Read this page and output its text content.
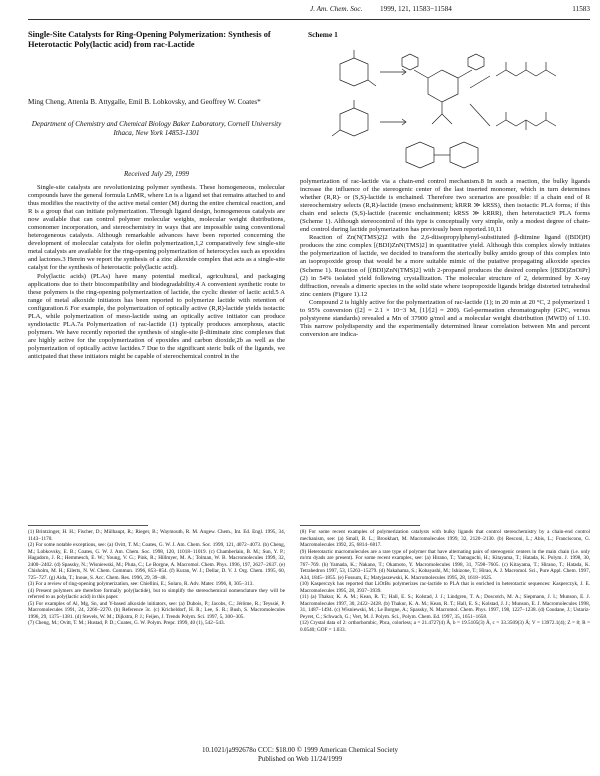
J. Am. Chem. Soc. 1999, 121, 11583−11584	11583
Single-Site Catalysts for Ring-Opening Polymerization: Synthesis of Heterotactic Poly(lactic acid) from rac-Lactide
Ming Cheng, Attenla B. Attygalle, Emil B. Lobkovsky, and Geoffrey W. Coates*
Department of Chemistry and Chemical Biology Baker Laboratory, Cornell University Ithaca, New York 14853-1301
Received July 29, 1999

Single-site catalysts are revolutionizing polymer synthesis. These homogeneous, molecular compounds have the general formula LnMR, where Ln is a ligand set that remains attached to and thus modifies the reactivity of the active metal center (M) during the entire chemical reaction, and R is a group that can initiate polymerization. Through ligand design, homogeneous catalysts are now available that can control polymer molecular weights, molecular weight distributions, comonomer incorporation, and stereochemistry in ways that are impossible using conventional heterogeneous catalysts. Although remarkable advances have been reported concerning the development of molecular catalysts for olefin polymerization,1,2 comparatively few single-site metal catalysts are available for the ring-opening polymerization of heterocycles such as epoxides and lactones.3 Herein we report the synthesis of a zinc alkoxide complex that acts as a single-site catalyst for the synthesis of heterotactic poly(lactic acid).

Poly(lactic acids) (PLAs) have many potential medical, agricultural, and packaging applications due to their biocompatibility and biodegradability.4 A convenient synthetic route to these polymers is the ring-opening polymerization of lactide, the cyclic diester of lactic acid.5 A range of metal alkoxide initiators has been reported to polymerize lactide with retention of configuration.6 For example, the polymerization of optically active (R,R)-lactide yields isotactic PLA, while polymerization of meso-lactide using an optically active initiator can produce syndiotactic PLA.7a Polymerization of rac-lactide (1) typically produces amorphous, atactic polymers. We have recently reported the synthesis of single-site β-diiminate zinc complexes that are highly active for the copolymerization of epoxides and carbon dioxide,2b as well as the polymerization of optically active lactides.7 Due to the significant steric bulk of the ligands, we anticipated that these initiators might be capable of stereochemical control in the

Scheme 1

polymerization of rac-lactide via a chain-end control mechanism.8 In such a reaction, the bulky ligands increase the influence of the stereogenic center of the last inserted monomer, which in turn determines whether (R,R)- or (S,S)-lactide is enchained. Therefore two scenarios are possible: if a chain end of R stereochemistry selects (R,R)-lactide (meso enchainment; kRRR ≫ kRSS), then isotactic PLA forms; if this chain end selects (S,S)-lactide (racemic enchainment; kRSS ≫ kRRR), then heterotactic9 PLA forms (Scheme 1). Although stereocontrol of this type is conceptually very simple, only a modest degree of chain-end control during lactide polymerization has previously been reported.10,11

Reaction of Zn(N(TMS)2)2 with the 2,6-diisopropylphenyl-substituted β-diimine ligand ((BDI)H) produces the zinc complex [(BDI)ZnN(TMS)2] in quantitative yield. Although this complex slowly initiates the polymerization of lactide, we decided to transform the sterically bulky amido group of this complex into an isopropoxide group that would be a more suitable mimic of the putative propagating alkoxide species (Scheme 1). Reaction of [(BDI)ZnN(TMS)2] with 2-propanol produces the desired complex [(BDI)ZnOiPr] (2) in 54% isolated yield following crystallization. The molecular structure of 2, determined by X-ray diffraction, reveals a dimeric species in the solid state where isopropoxide ligands bridge distorted tetrahedral zinc centers (Figure 1).12

Compound 2 is highly active for the polymerization of rac-lactide (1); in 20 min at 20 °C, 2 polymerized 1 to 95% conversion ([2] = 2.1 × 10−3 M, [1]/[2] = 200). Gel-permeation chromatography (GPC, versus polystyrene standards) revealed a Mn of 37900 g/mol and a molecular weight distribution (MWD) of 1.10. This narrow polydispersity and the experimentally determined linear correlation between Mn and percent conversion are indica-

(1) Brintzinger, H. H.; Fischer, D.; Mülhaupt, R.; Rieger, B.; Waymouth, R. M. Angew. Chem., Int. Ed. Engl. 1995, 34, 1143−1170.

(2) For some notable exceptions, see: (a) Ovitt, T. M.; Coates, G. W. J. Am. Chem. Soc. 1999, 121, 4072−4073. (b) Cheng, M.; Lobkovsky, E. B.; Coates, G. W. J. Am. Chem. Soc. 1998, 120, 11018−11019. (c) Chamberlain, B. M.; Sun, Y. P.; Hagadorn, J. R.; Hemmesch, E. W.; Young, V. G.; Pink, R.; Hillmyer, M. A.; Tolman, W. B. Macromolecules 1999, 32, 2400−2402. (d) Spassky, N.; Wisniewski, M.; Pluta, C.; Le Borgne, A. Macromol. Chem. Phys. 1996, 197, 2627−2637. (e) Chisholm, M. H.; Eilerts, N. W. Chem. Commun. 1996, 853−854. (f) Kuran, W. J.; Dellar, D. V. J. Org. Chem. 1995, 60, 725−727. (g) Aida, T.; Inoue, S. Acc. Chem. Res. 1996, 29, 39−48.

(3) For a review of ring-opening polymerization, see: Chiellini, E.; Solaro, R. Adv. Mater. 1996, 8, 305−313.

(4) Present polymers are therefore formally poly(lactide), but to simplify the stereochemical nomenclature they will be referred to as poly(lactic acid) in this paper.

(5) For examples of Al, Mg, Sn, and Y-based alkoxide initiators, see: (a) Dubois, P.; Jacobs, C.; Jérôme, R.; Teyssié, P. Macromolecules 1991, 24, 2266−2270. (b) Reference 3c. (c) Kricheldorf, H. R.; Lee, S. R.; Bush, S. Macromolecules 1996, 29, 1375−1381. (d) Stevels, W. M.; Dijkstra, P. J.; Feijen, J. Trends Polym. Sci. 1997, 5, 300−305.

(7) Cheng, M.; Ovitt, T. M.; Hustad, P. D.; Coates, G. W. Polym. Prepr. 1999, 40 (1), 542−543.

(8) For some recent examples of polymerization catalysts with bulky ligands that control stereochemistry by a chain-end control mechanism, see: (a) Small, B. L.; Brookhart, M. Macromolecules 1999, 32, 2120−2130. (b) Resconi, L.; Abis, L.; Franciscono, G. Macromolecules 1992, 25, 6814−6817.

(9) Heterotactic macromolecules are a rare type of polymer that have alternating pairs of stereogenic centers in the main chain (i.e. only m/rm dyads are present). For some recent examples, see: (a) Hirano, T.; Yamaguchi, H.; Kitayama, T.; Hatada, K. Polym. J. 1998, 30, 767−769. (b) Yamada, K.; Nakano, T.; Okamoto, Y. Macromolecules 1998, 31, 7598−7605. (c) Kitayama, T.; Hirano, T.; Hatada, K. Tetrahedron 1997, 53, 15263−15279. (d) Nakahama, S.; Kobayashi, M.; Ishizone, T.; Hirao, A. J. Macromol. Sci., Pure Appl. Chem. 1997, A34, 1845−1855. (e) Fossum, E.; Matyjaszewski, K. Macromolecules 1995, 28, 1618−1625.

(10) Kasperczyk has reported that LiOtBu polymerizes rac-lactide to PLA that is enriched in heterotactic sequences: Kasperczyk, J. E. Macromolecules 1995, 28, 3937−3939.

(11) (a) Thakur, K. A. M.; Kean, R. T.; Hall, E. S.; Kolstad, J. J.; Lindgren, T. A.; Doscotch, M. A.; Siepmann, J. I.; Munson, E. J. Macromolecules 1997, 30, 2422−2428. (b) Thakur, K. A. M.; Kean, R. T.; Hall, E. S.; Kolstad, J. J.; Munson, E. J. Macromolecules 1998, 31, 1487−1494. (c) Wisniewski, M.; Le Borgne, A.; Spassky, N. Macromol. Chem. Phys. 1997, 198, 1227−1238. (d) Coudane, J.; Ustariz-Peyret, C.; Schwach, G.; Vert, M. J. Polym. Sci., Polym. Chem. Ed. 1997, 35, 1651−1658.

(12) Crystal data of 2: orthorhombic, Pbca, colorless; a = 21.4727(4) Å, b = 19.5105(3) Å, c = 33.3509(3) Å; V = 13972.1(4); Z = 8; R = 0.0540; GOF = 1.033.

10.1021/ja992678o CCC: $18.00 © 1999 American Chemical Society
Published on Web 11/24/1999
